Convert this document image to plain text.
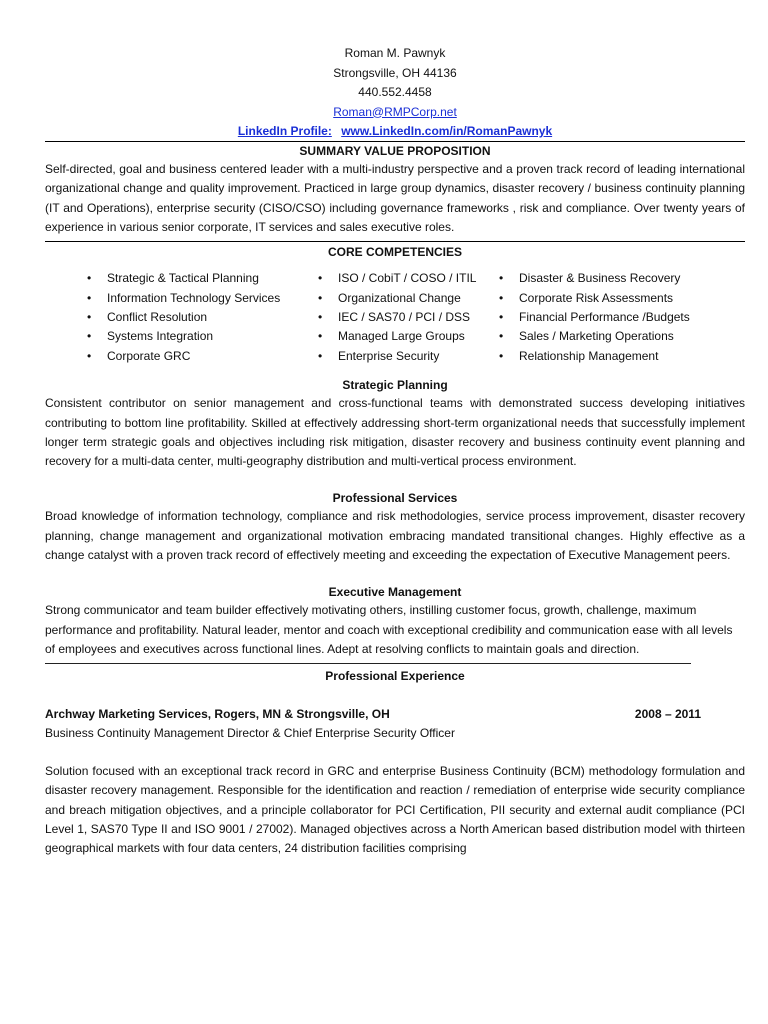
Roman M. Pawnyk
Strongsville, OH 44136
440.552.4458
Roman@RMPCorp.net
LinkedIn Profile: www.LinkedIn.com/in/RomanPawnyk
SUMMARY VALUE PROPOSITION

Self-directed, goal and business centered leader with a multi-industry perspective and a proven track record of leading international organizational change and quality improvement. Practiced in large group dynamics, disaster recovery / business continuity planning (IT and Operations), enterprise security (CISO/CSO) including governance frameworks , risk and compliance. Over twenty years of experience in various senior corporate, IT services and sales executive roles.

CORE COMPETENCIES
• Strategic & Tactical Planning
• Information Technology Services
• Conflict Resolution
• Systems Integration
• Corporate GRC
• ISO / CobiT / COSO / ITIL
• Organizational Change
• IEC / SAS70 / PCI / DSS
• Managed Large Groups
• Enterprise Security
• Disaster & Business Recovery
• Corporate Risk Assessments
• Financial Performance /Budgets
• Sales / Marketing Operations
• Relationship Management
Strategic Planning

Consistent contributor on senior management and cross-functional teams with demonstrated success developing initiatives contributing to bottom line profitability. Skilled at effectively addressing short-term organizational needs that successfully implement longer term strategic goals and objectives including risk mitigation, disaster recovery and business continuity event planning and recovery for a multi-data center, multi-geography distribution and multi-vertical process environment.

Professional Services

Broad knowledge of information technology, compliance and risk methodologies, service process improvement, disaster recovery planning, change management and organizational motivation embracing mandated transitional changes. Highly effective as a change catalyst with a proven track record of effectively meeting and exceeding the expectation of Executive Management peers.

Executive Management

Strong communicator and team builder effectively motivating others, instilling customer focus, growth, challenge, maximum performance and profitability. Natural leader, mentor and coach with exceptional credibility and communication ease with all levels of employees and executives across functional lines. Adept at resolving conflicts to maintain goals and direction.

Professional Experience
Archway Marketing Services, Rogers, MN & Strongsville, OH	2008 – 2011
Business Continuity Management Director & Chief Enterprise Security Officer

Solution focused with an exceptional track record in GRC and enterprise Business Continuity (BCM) methodology formulation and disaster recovery management. Responsible for the identification and reaction / remediation of enterprise wide security compliance and breach mitigation objectives, and a principle collaborator for PCI Certification, PII security and external audit compliance (PCI Level 1, SAS70 Type II and ISO 9001 / 27002). Managed objectives across a North American based distribution model with thirteen geographical markets with four data centers, 24 distribution facilities comprising
